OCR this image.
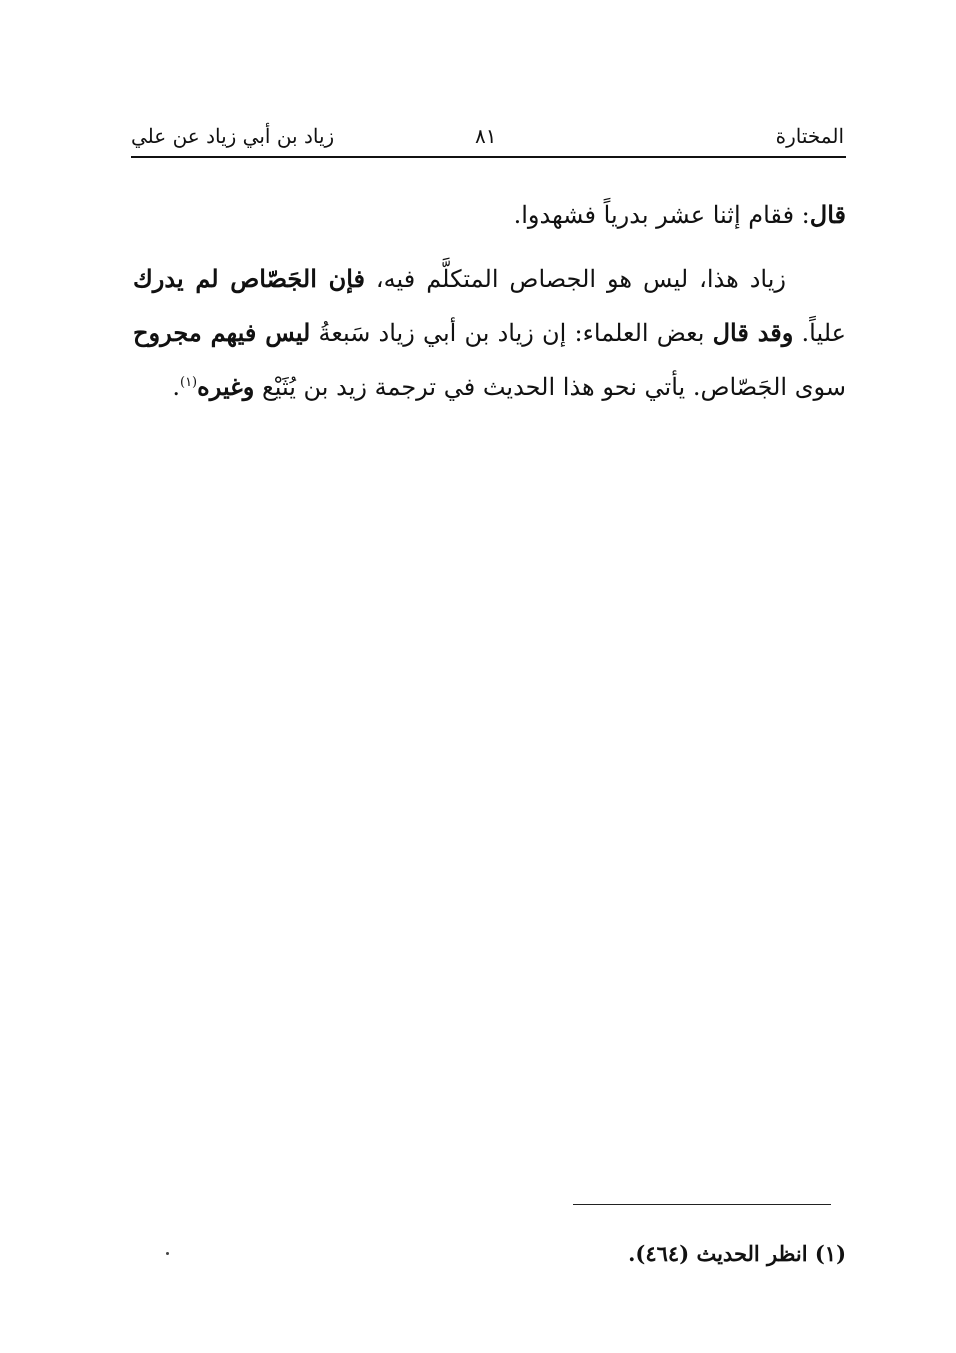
المختارة
٨١
زياد بن أبي زياد عن علي

قال: فقام إثنا عشر بدرياً فشهدوا.

زياد هذا، ليس هو الجصاص المتكلَّم فيه، فإن الجَصّاص لم يدرك علياً. وقد قال بعض العلماء: إن زياد بن أبي زياد سَبعةُ ليس فيهم مجروح سوى الجَصّاص. يأتي نحو هذا الحديث في ترجمة زيد بن يُثَيْع وغيره$^{(١)}$.

(١) انظر الحديث (٤٦٤).
